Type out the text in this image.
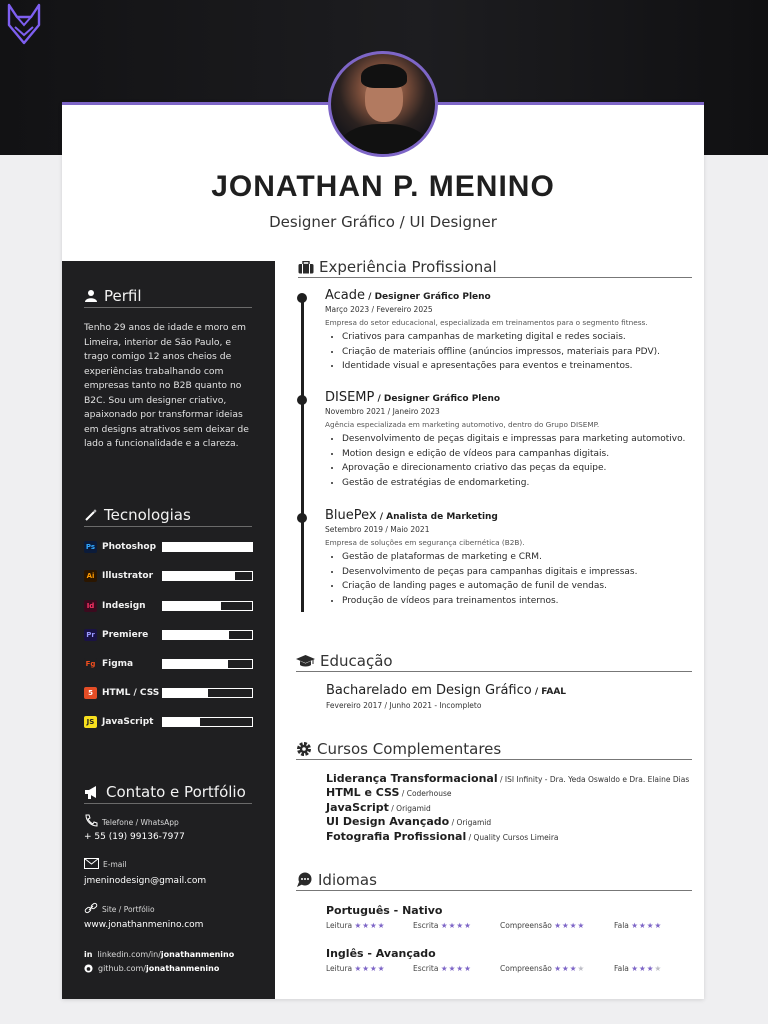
JONATHAN P. MENINO
Designer Gráfico / UI Designer
Perfil
Tenho 29 anos de idade e moro em Limeira, interior de São Paulo, e trago comigo 12 anos cheios de experiências trabalhando com empresas tanto no B2B quanto no B2C. Sou um designer criativo, apaixonado por transformar ideias em designs atrativos sem deixar de lado a funcionalidade e a clareza.
Tecnologias
Ps Photoshop
Ai Illustrator
Id Indesign
Pr Premiere
Fg Figma
5	HTML / CSS
JS JavaScript
Contato e Portfólio
Telefone / WhatsApp
+ 55 (19) 99136-7977
E-mail
jmeninodesign@gmail.com
Site / Portfólio
www.jonathanmenino.com
in linkedin.com/in/jonathanmenino
github.com/jonathanmenino
Experiência Profissional
Acade / Designer Gráfico Pleno
Março 2023 / Fevereiro 2025
Empresa do setor educacional, especializada em treinamentos para o segmento fitness.
• Criativos para campanhas de marketing digital e redes sociais.
• Criação de materiais offline (anúncios impressos, materiais para PDV).
• Identidade visual e apresentações para eventos e treinamentos.
DISEMP / Designer Gráfico Pleno
Novembro 2021 / Janeiro 2023
Agência especializada em marketing automotivo, dentro do Grupo DISEMP.
• Desenvolvimento de peças digitais e impressas para marketing automotivo.
• Motion design e edição de vídeos para campanhas digitais.
• Aprovação e direcionamento criativo das peças da equipe.
• Gestão de estratégias de endomarketing.
BluePex / Analista de Marketing
Setembro 2019 / Maio 2021
Empresa de soluções em segurança cibernética (B2B).
• Gestão de plataformas de marketing e CRM.
• Desenvolvimento de peças para campanhas digitais e impressas.
• Criação de landing pages e automação de funil de vendas.
• Produção de vídeos para treinamentos internos.
Educação
Bacharelado em Design Gráfico / FAAL
Fevereiro 2017 / Junho 2021 - Incompleto
Cursos Complementares
Liderança Transformacional / ISI Infinity - Dra. Yeda Oswaldo e Dra. Elaine Dias
HTML e CSS / Coderhouse
JavaScript / Origamid
UI Design Avançado / Origamid
Fotografia Profissional / Quality Cursos Limeira
Idiomas
Português - Nativo
Leitura ★★★★	Escrita ★★★★	Compreensão ★★★★	Fala ★★★★
Inglês - Avançado
Leitura ★★★★	Escrita ★★★★	Compreensão ★★★★	Fala ★★★★
